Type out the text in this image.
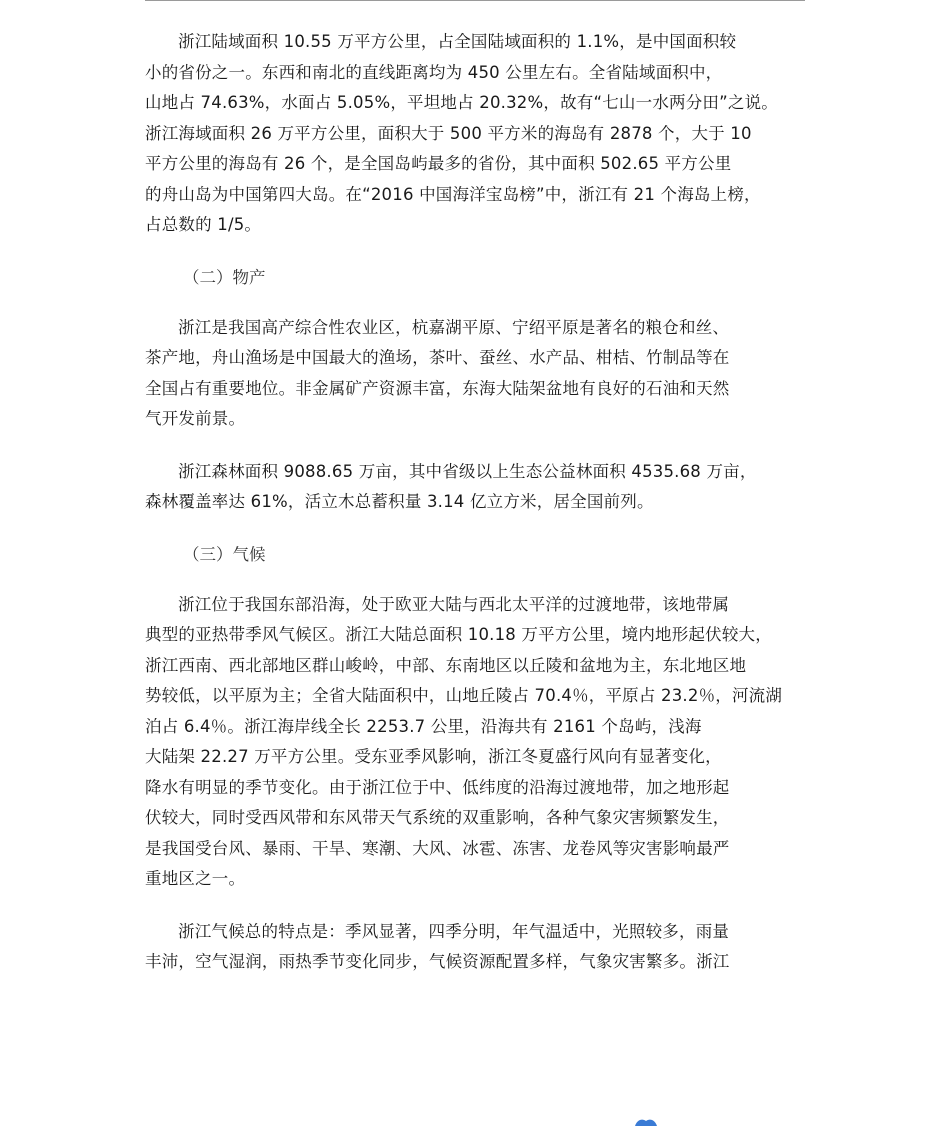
浙江陆域面积 10.55 万平方公里，占全国陆域面积的 1.1%，是中国面积较
小的省份之一。东西和南北的直线距离均为 450 公里左右。全省陆域面积中，
山地占 74.63%，水面占 5.05%，平坦地占 20.32%，故有“七山一水两分田”之说。
浙江海域面积 26 万平方公里，面积大于 500 平方米的海岛有 2878 个，大于 10
平方公里的海岛有 26 个，是全国岛屿最多的省份，其中面积 502.65 平方公里
的舟山岛为中国第四大岛。在“2016 中国海洋宝岛榜”中，浙江有 21 个海岛上榜，
占总数的 1/5。

（二）物产

浙江是我国高产综合性农业区，杭嘉湖平原、宁绍平原是著名的粮仓和丝、
茶产地，舟山渔场是中国最大的渔场，茶叶、蚕丝、水产品、柑桔、竹制品等在
全国占有重要地位。非金属矿产资源丰富，东海大陆架盆地有良好的石油和天然
气开发前景。

浙江森林面积 9088.65 万亩，其中省级以上生态公益林面积 4535.68 万亩，
森林覆盖率达 61%，活立木总蓄积量 3.14 亿立方米，居全国前列。

（三）气候

浙江位于我国东部沿海，处于欧亚大陆与西北太平洋的过渡地带，该地带属
典型的亚热带季风气候区。浙江大陆总面积 10.18 万平方公里，境内地形起伏较大，
浙江西南、西北部地区群山峻岭，中部、东南地区以丘陵和盆地为主，东北地区地
势较低，以平原为主；全省大陆面积中，山地丘陵占 70.4％，平原占 23.2％，河流湖
泊占 6.4％。浙江海岸线全长 2253.7 公里，沿海共有 2161 个岛屿，浅海
大陆架 22.27 万平方公里。受东亚季风影响，浙江冬夏盛行风向有显著变化，
降水有明显的季节变化。由于浙江位于中、低纬度的沿海过渡地带，加之地形起
伏较大，同时受西风带和东风带天气系统的双重影响，各种气象灾害频繁发生，
是我国受台风、暴雨、干旱、寒潮、大风、冰雹、冻害、龙卷风等灾害影响最严
重地区之一。

浙江气候总的特点是：季风显著，四季分明，年气温适中，光照较多，雨量
丰沛，空气湿润，雨热季节变化同步，气候资源配置多样，气象灾害繁多。浙江
